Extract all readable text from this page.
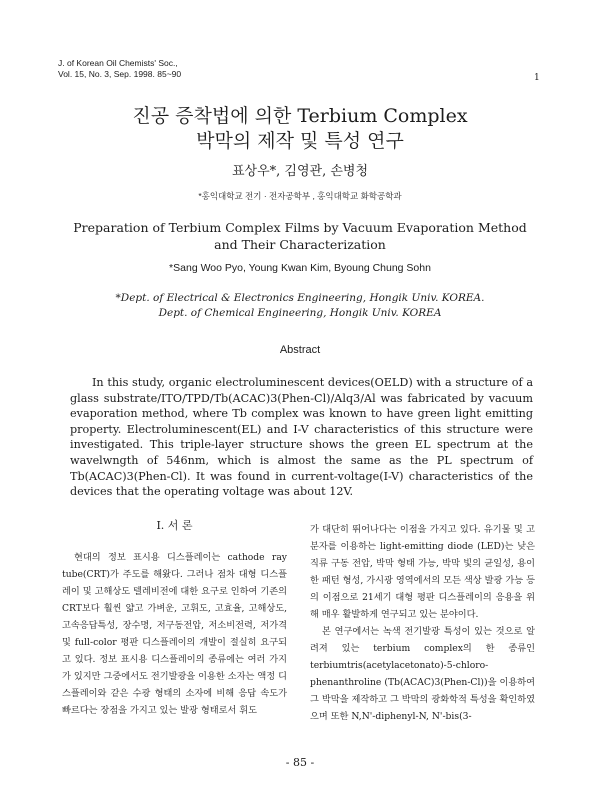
J. of Korean Oil Chemists' Soc.,
Vol. 15, No. 3, Sep. 1998. 85~90	1
진공 증착법에 의한 Terbium Complex
박막의 제작 및 특성 연구
표상우*, 김영관, 손병청
*홍익대학교 전기 · 전자공학부 , 홍익대학교 화학공학과
Preparation of Terbium Complex Films by Vacuum Evaporation Method and Their Characterization
*Sang Woo Pyo, Young Kwan Kim, Byoung Chung Sohn
*Dept. of Electrical & Electronics Engineering, Hongik Univ. KOREA.
Dept. of Chemical Engineering, Hongik Univ. KOREA
Abstract

In this study, organic electroluminescent devices(OELD) with a structure of a glass substrate/ITO/TPD/Tb(ACAC)3(Phen-Cl)/Alq3/Al was fabricated by vacuum evaporation method, where Tb complex was known to have green light emitting property. Electroluminescent(EL) and I-V characteristics of this structure were investigated. This triple-layer structure shows the green EL spectrum at the wavelwngth of 546nm, which is almost the same as the PL spectrum of Tb(ACAC)3(Phen-Cl). It was found in current-voltage(I-V) characteristics of the devices that the operating voltage was about 12V.

I. 서 론

현대의 정보 표시용 디스플레이는 cathode ray tube(CRT)가 주도를 해왔다. 그러나 점차 대형 디스플레이 및 고해상도 텔레비전에 대한 요구로 인하여 기존의 CRT보다 훨씬 얇고 가벼운, 고휘도, 고효율, 고해상도, 고속응답특성, 장수명, 저구동전압, 저소비전력, 저가격 및 full-color 평판 디스플레이의 개발이 절실히 요구되고 있다. 정보 표시용 디스플레이의 종류에는 여러 가지가 있지만 그중에서도 전기발광을 이용한 소자는 액정 디스플레이와 같은 수광 형태의 소자에 비해 응답 속도가 빠르다는 장점을 가지고 있는 발광 형태로서 휘도

가 대단히 뛰어나다는 이점을 가지고 있다. 유기물 및 고분자를 이용하는 light-emitting diode (LED)는 낮은 직류 구동 전압, 박막 형태 가능, 박막 빛의 균일성, 용이한 패턴 형성, 가시광 영역에서의 모든 색상 발광 가능 등의 이점으로 21세기 대형 평판 디스플레이의 응용을 위해 매우 활발하게 연구되고 있는 분야이다.

본 연구에서는 녹색 전기발광 특성이 있는 것으로 알려져 있는 terbium complex의 한 종류인 terbiumtris(acetylacetonato)-5-chloro-phenanthroline (Tb(ACAC)3(Phen-Cl))을 이용하여 그 박막을 제작하고 그 박막의 광화학적 특성을 확인하였으며 또한 N,N'-diphenyl-N, N'-bis(3-

- 85 -
